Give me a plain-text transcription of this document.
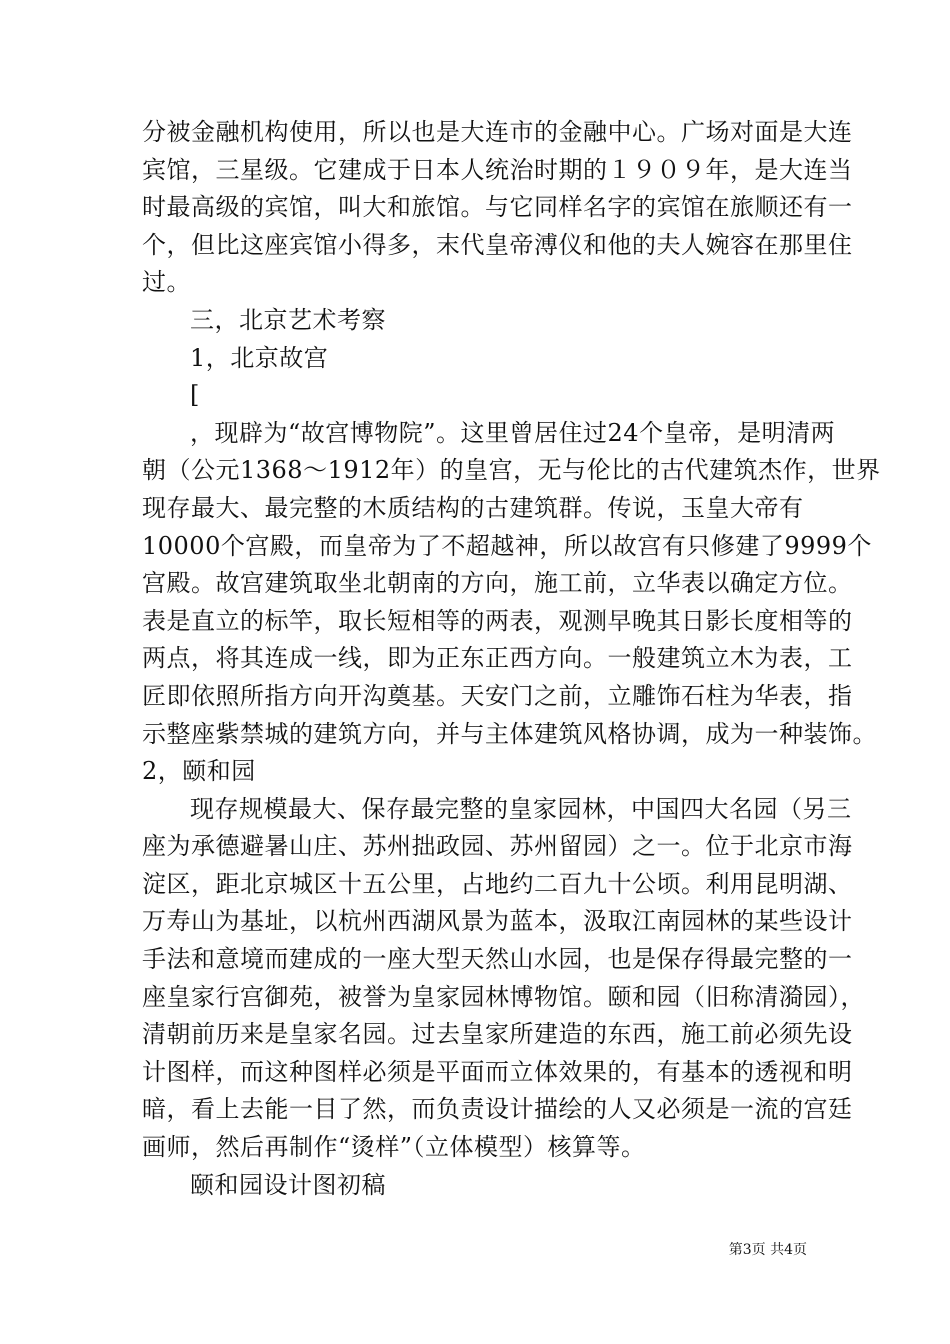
分被金融机构使用，所以也是大连市的金融中心。广场对面是大连
宾馆，三星级。它建成于日本人统治时期的１９０９年，是大连当
时最高级的宾馆，叫大和旅馆。与它同样名字的宾馆在旅顺还有一
个，但比这座宾馆小得多，末代皇帝溥仪和他的夫人婉容在那里住
过。
三，北京艺术考察
1，北京故宫
[
，现辟为“故宫博物院”。这里曾居住过24个皇帝，是明清两
朝（公元1368～1912年）的皇宫，无与伦比的古代建筑杰作，世界
现存最大、最完整的木质结构的古建筑群。传说，玉皇大帝有
10000个宫殿，而皇帝为了不超越神，所以故宫有只修建了9999个
宫殿。故宫建筑取坐北朝南的方向，施工前，立华表以确定方位。
表是直立的标竿，取长短相等的两表，观测早晚其日影长度相等的
两点，将其连成一线，即为正东正西方向。一般建筑立木为表，工
匠即依照所指方向开沟奠基。天安门之前，立雕饰石柱为华表，指
示整座紫禁城的建筑方向，并与主体建筑风格协调，成为一种装饰。
2，颐和园
现存规模最大、保存最完整的皇家园林，中国四大名园（另三
座为承德避暑山庄、苏州拙政园、苏州留园）之一。位于北京市海
淀区，距北京城区十五公里，占地约二百九十公顷。利用昆明湖、
万寿山为基址，以杭州西湖风景为蓝本，汲取江南园林的某些设计
手法和意境而建成的一座大型天然山水园，也是保存得最完整的一
座皇家行宫御苑，被誉为皇家园林博物馆。颐和园（旧称清漪园），
清朝前历来是皇家名园。过去皇家所建造的东西，施工前必须先设
计图样，而这种图样必须是平面而立体效果的，有基本的透视和明
暗，看上去能一目了然，而负责设计描绘的人又必须是一流的宫廷
画师，然后再制作“烫样”（立体模型）核算等。
颐和园设计图初稿
第3页 共4页
